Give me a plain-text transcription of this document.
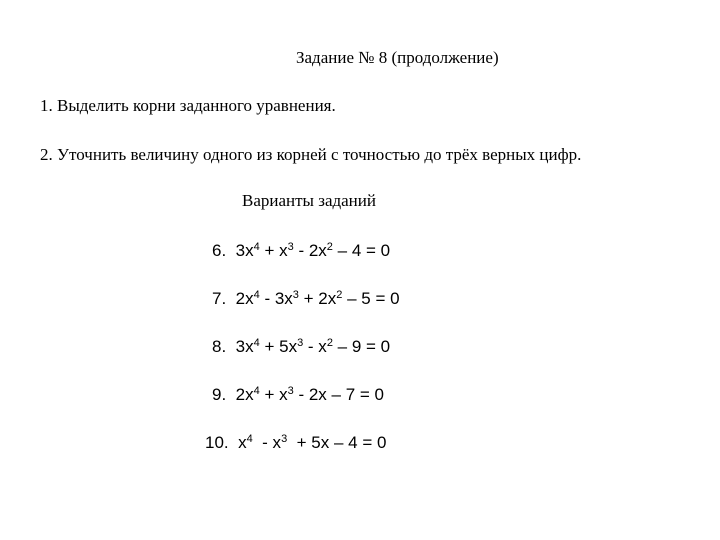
Задание № 8 (продолжение)
1. Выделить корни заданного уравнения.
2. Уточнить величину одного из корней с точностью до трёх верных цифр.
Варианты заданий
6. $3x^4 + x^3 - 2x^2 - 4 = 0$
7. $2x^4 - 3x^3 + 2x^2 - 5 = 0$
8. $3x^4 + 5x^3 - x^2 - 9 = 0$
9. $2x^4 + x^3 - 2x - 7 = 0$
10. $x^4 - x^3 + 5x - 4 = 0$
